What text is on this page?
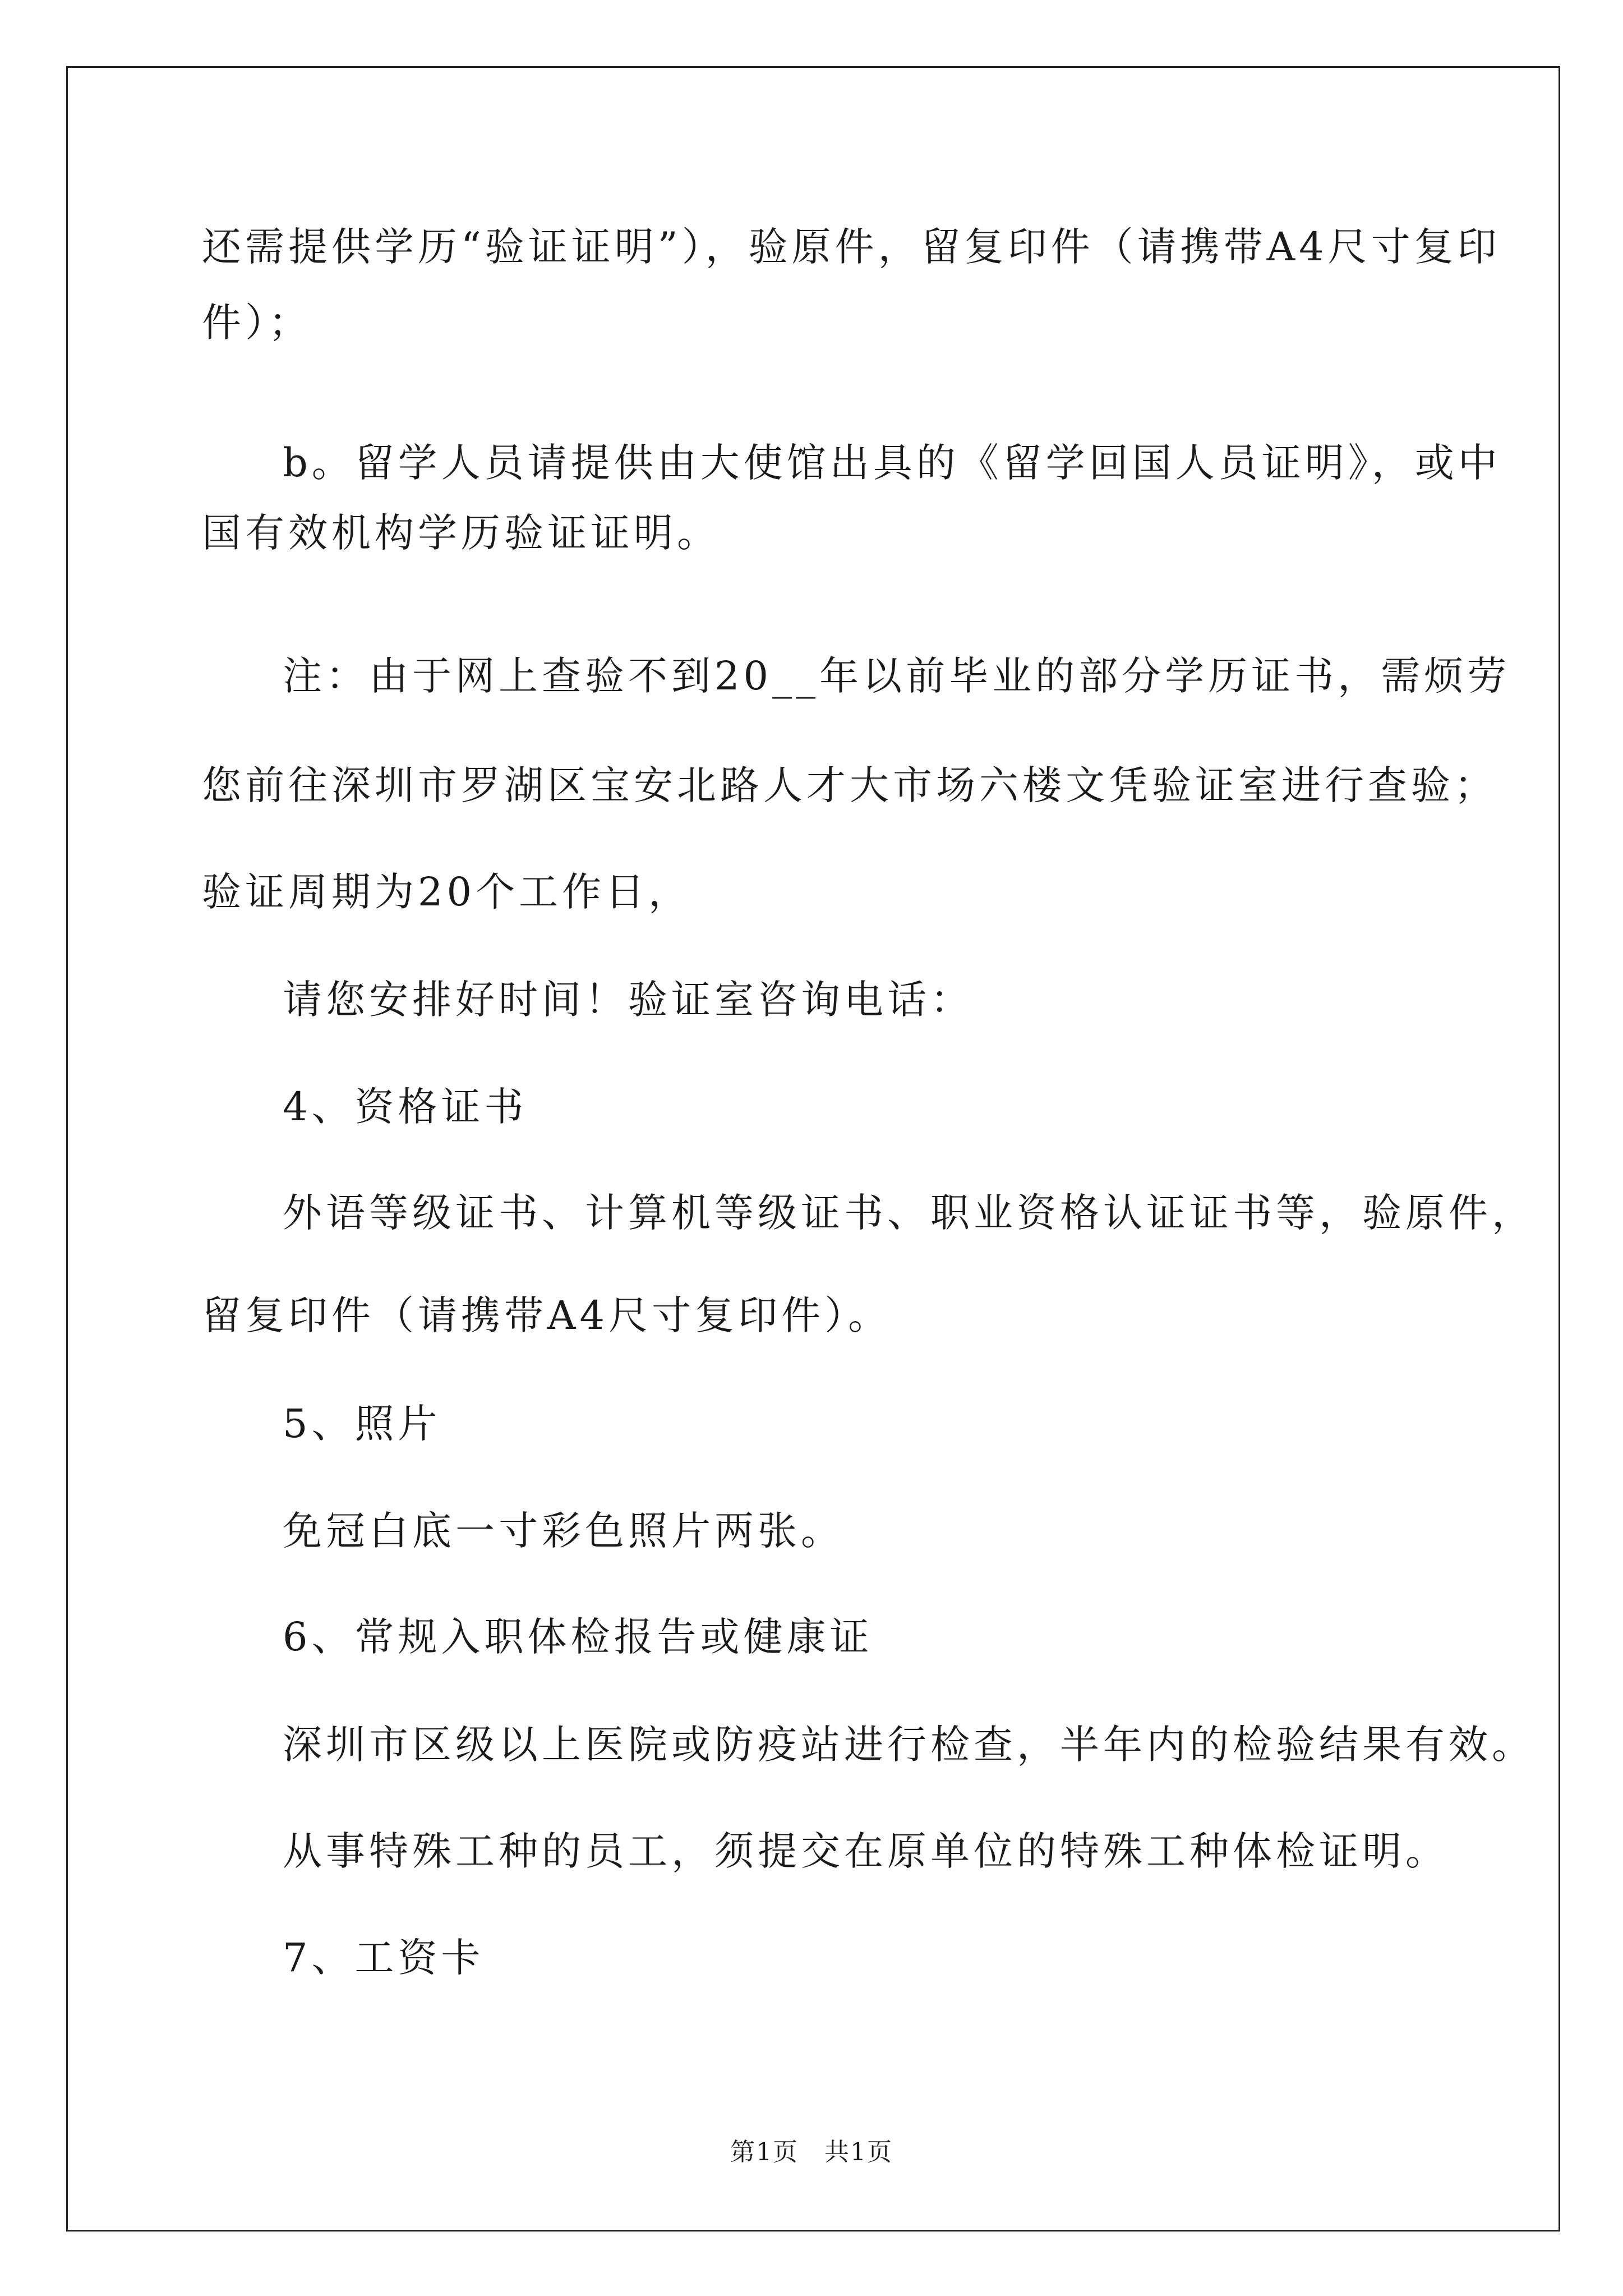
还需提供学历“验证证明”），验原件，留复印件（请携带A4尺寸复印
件）；
b。留学人员请提供由大使馆出具的《留学回国人员证明》，或中
国有效机构学历验证证明。
注：由于网上查验不到20__年以前毕业的部分学历证书，需烦劳
您前往深圳市罗湖区宝安北路人才大市场六楼文凭验证室进行查验；
验证周期为20个工作日，
请您安排好时间！验证室咨询电话：
4、资格证书
外语等级证书、计算机等级证书、职业资格认证证书等，验原件，
留复印件（请携带A4尺寸复印件）。
5、照片
免冠白底一寸彩色照片两张。
6、常规入职体检报告或健康证
深圳市区级以上医院或防疫站进行检查，半年内的检验结果有效。
从事特殊工种的员工，须提交在原单位的特殊工种体检证明。
7、工资卡
第1页　共1页
